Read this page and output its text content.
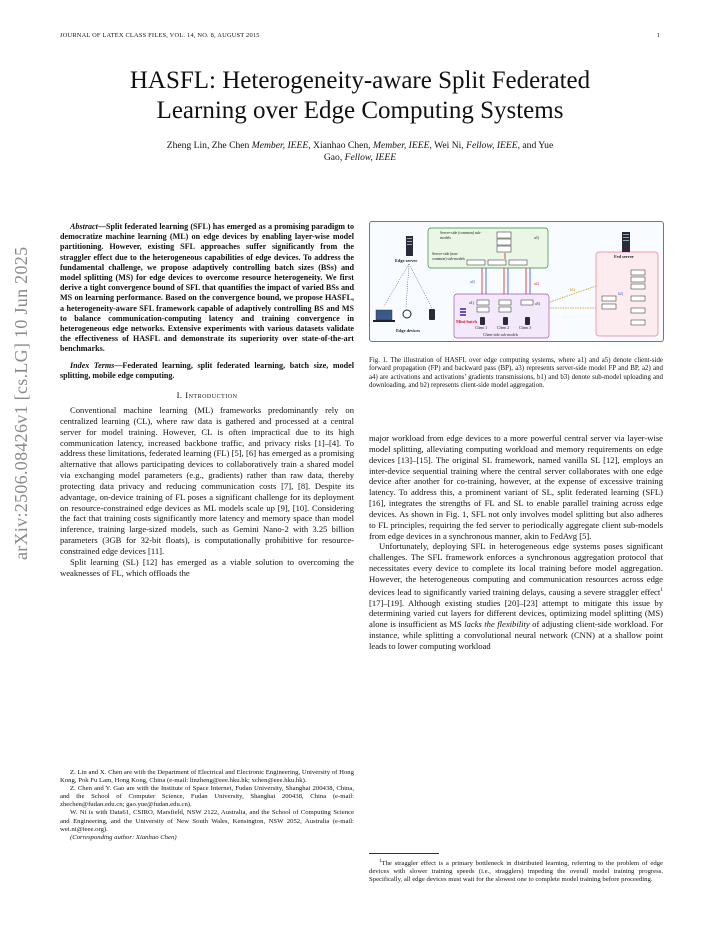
JOURNAL OF LATEX CLASS FILES, VOL. 14, NO. 8, AUGUST 2015	1
arXiv:2506.08426v1 [cs.LG] 10 Jun 2025
HASFL: Heterogeneity-aware Split Federated
Learning over Edge Computing Systems
Zheng Lin, Zhe Chen Member, IEEE, Xianhao Chen, Member, IEEE, Wei Ni, Fellow, IEEE, and Yue
Gao, Fellow, IEEE
Abstract—Split federated learning (SFL) has emerged as a promising paradigm to democratize machine learning (ML) on edge devices by enabling layer-wise model partitioning. However, existing SFL approaches suffer significantly from the straggler effect due to the heterogeneous capabilities of edge devices. To address the fundamental challenge, we propose adaptively controlling batch sizes (BSs) and model splitting (MS) for edge devices to overcome resource heterogeneity. We first derive a tight convergence bound of SFL that quantifies the impact of varied BSs and MS on learning performance. Based on the convergence bound, we propose HASFL, a heterogeneity-aware SFL framework capable of adaptively controlling BS and MS to balance communication-computing latency and training convergence in heterogeneous edge networks. Extensive experiments with various datasets validate the effectiveness of HASFL and demonstrate its superiority over state-of-the-art benchmarks.
Index Terms—Federated learning, split federated learning, batch size, model splitting, mobile edge computing.
I. Introduction

Conventional machine learning (ML) frameworks predominantly rely on centralized learning (CL), where raw data is gathered and processed at a central server for model training. However, CL is often impractical due to its high communication latency, increased backbone traffic, and privacy risks [1]–[4]. To address these limitations, federated learning (FL) [5], [6] has emerged as a promising alternative that allows participating devices to collaboratively train a shared model via exchanging model parameters (e.g., gradients) rather than raw data, thereby protecting data privacy and reducing communication costs [7], [8]. Despite its advantage, on-device training of FL poses a significant challenge for its deployment on resource-constrained edge devices as ML models scale up [9], [10]. Considering the fact that training costs significantly more latency and memory space than model inference, training large-sized models, such as Gemini Nano-2 with 3.25 billion parameters (3GB for 32-bit floats), is computationally prohibitive for resource-constrained edge devices [11].

Split learning (SL) [12] has emerged as a viable solution to overcoming the weaknesses of FL, which offloads the

Z. Lin and X. Chen are with the Department of Electrical and Electronic Engineering, University of Hong Kong, Pok Fu Lam, Hong Kong, China (e-mail: linzheng@eee.hku.hk; xchen@eee.hku.hk).

Z. Chen and Y. Gao are with the Institute of Space Internet, Fudan University, Shanghai 200438, China, and the School of Computer Science, Fudan University, Shanghai 200438, China (e-mail: zhechen@fudan.edu.cn; gao.yue@fudan.edu.cn).

W. Ni is with Data61, CSIRO, Marsfield, NSW 2122, Australia, and the School of Computing Science and Engineering, and the University of New South Wales, Kensington, NSW 2052, Australia (e-mail: wei.ni@ieee.org).

(Corresponding author: Xianhao Chen)

Edge server
Fed server
Edge devices
Server-side (common) sub-models
Server-side (non-common) sub-models
Client-side sub-models
Mini-batch
Client 1	Client 2	Client 3
a1)
a2)
a3)
a4)
a5)
b1)
b2)

Fig. 1. The illustration of HASFL over edge computing systems, where a1) and a5) denote client-side forward propagation (FP) and backward pass (BP), a3) represents server-side model FP and BP, a2) and a4) are activations and activations’ gradients transmissions, b1) and b3) denote sub-model uploading and downloading, and b2) represents client-side model aggregation.

major workload from edge devices to a more powerful central server via layer-wise model splitting, alleviating computing workload and memory requirements on edge devices [13]–[15]. The original SL framework, named vanilla SL [12], employs an inter-device sequential training where the central server collaborates with one edge device after another for co-training, however, at the expense of excessive training latency. To address this, a prominent variant of SL, split federated learning (SFL) [16], integrates the strengths of FL and SL to enable parallel training across edge devices. As shown in Fig. 1, SFL not only involves model splitting but also adheres to FL principles, requiring the fed server to periodically aggregate client sub-models from edge devices in a synchronous manner, akin to FedAvg [5].

Unfortunately, deploying SFL in heterogeneous edge systems poses significant challenges. The SFL framework enforces a synchronous aggregation protocol that necessitates every device to complete its local training before model aggregation. However, the heterogeneous computing and communication resources across edge devices lead to significantly varied training delays, causing a severe straggler effect$^1$ [17]–[19]. Although existing studies [20]–[23] attempt to mitigate this issue by determining varied cut layers for different devices, optimizing model splitting (MS) alone is insufficient as MS lacks the flexibility of adjusting client-side workload. For instance, while splitting a convolutional neural network (CNN) at a shallow point leads to lower computing workload

$^1$The straggler effect is a primary bottleneck in distributed learning, referring to the problem of edge devices with slower training speeds (i.e., stragglers) impeding the overall model training progress. Specifically, all edge devices must wait for the slowest one to complete model training before proceeding.
